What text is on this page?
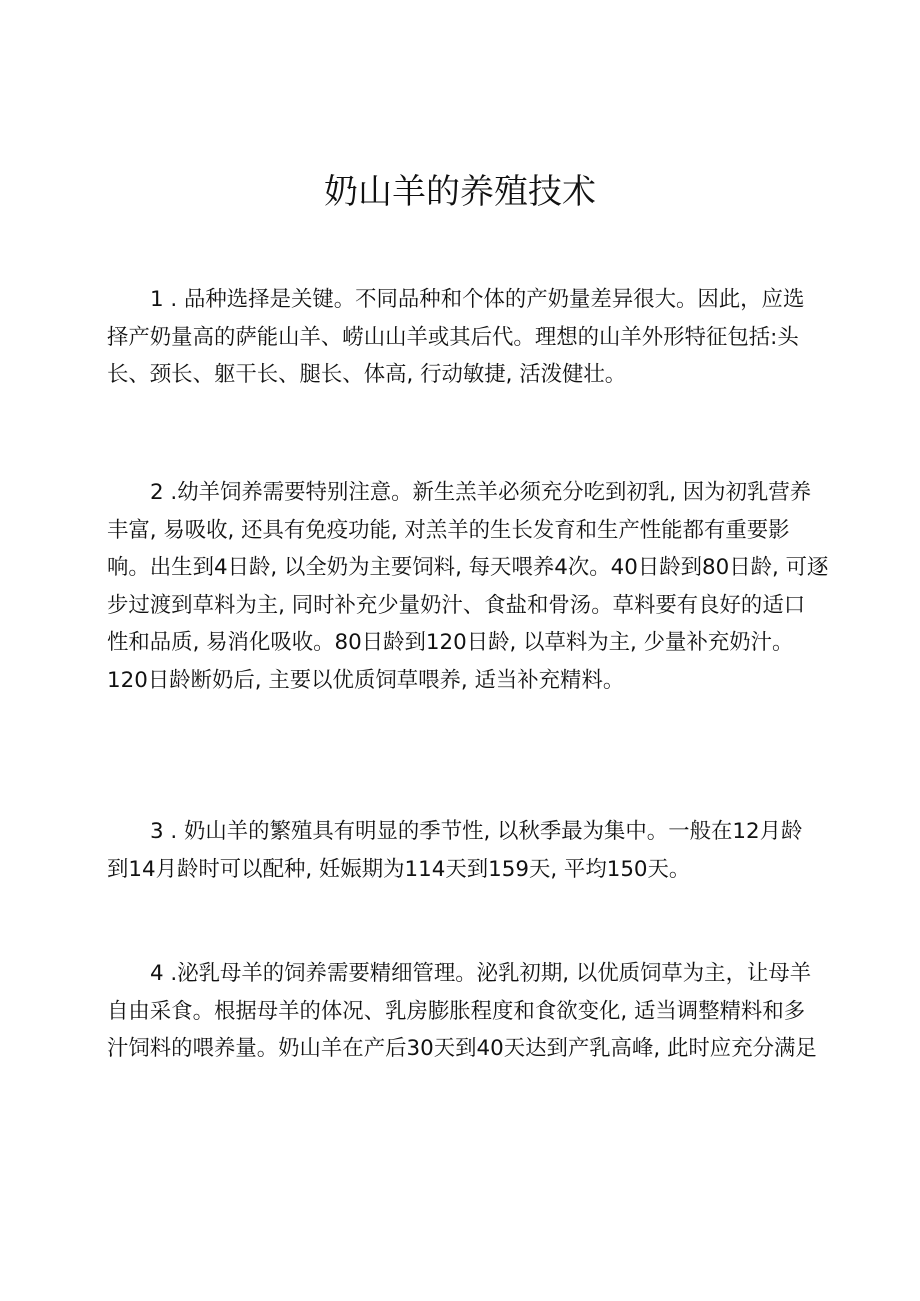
奶山羊的养殖技术

1 . 品种选择是关键。不同品种和个体的产奶量差异很大。因此，应选
择产奶量高的萨能山羊、崂山山羊或其后代。理想的山羊外形特征包括:头
长、颈长、躯干长、腿长、体高, 行动敏捷, 活泼健壮。

2 .幼羊饲养需要特别注意。新生羔羊必须充分吃到初乳, 因为初乳营养
丰富, 易吸收, 还具有免疫功能, 对羔羊的生长发育和生产性能都有重要影
响。出生到4日龄, 以全奶为主要饲料, 每天喂养4次。40日龄到80日龄, 可逐
步过渡到草料为主, 同时补充少量奶汁、食盐和骨汤。草料要有良好的适口
性和品质, 易消化吸收。80日龄到120日龄, 以草料为主, 少量补充奶汁。
120日龄断奶后, 主要以优质饲草喂养, 适当补充精料。

3 . 奶山羊的繁殖具有明显的季节性, 以秋季最为集中。一般在12月龄
到14月龄时可以配种, 妊娠期为114天到159天, 平均150天。

4 .泌乳母羊的饲养需要精细管理。泌乳初期, 以优质饲草为主，让母羊
自由采食。根据母羊的体况、乳房膨胀程度和食欲变化, 适当调整精料和多
汁饲料的喂养量。奶山羊在产后30天到40天达到产乳高峰, 此时应充分满足
